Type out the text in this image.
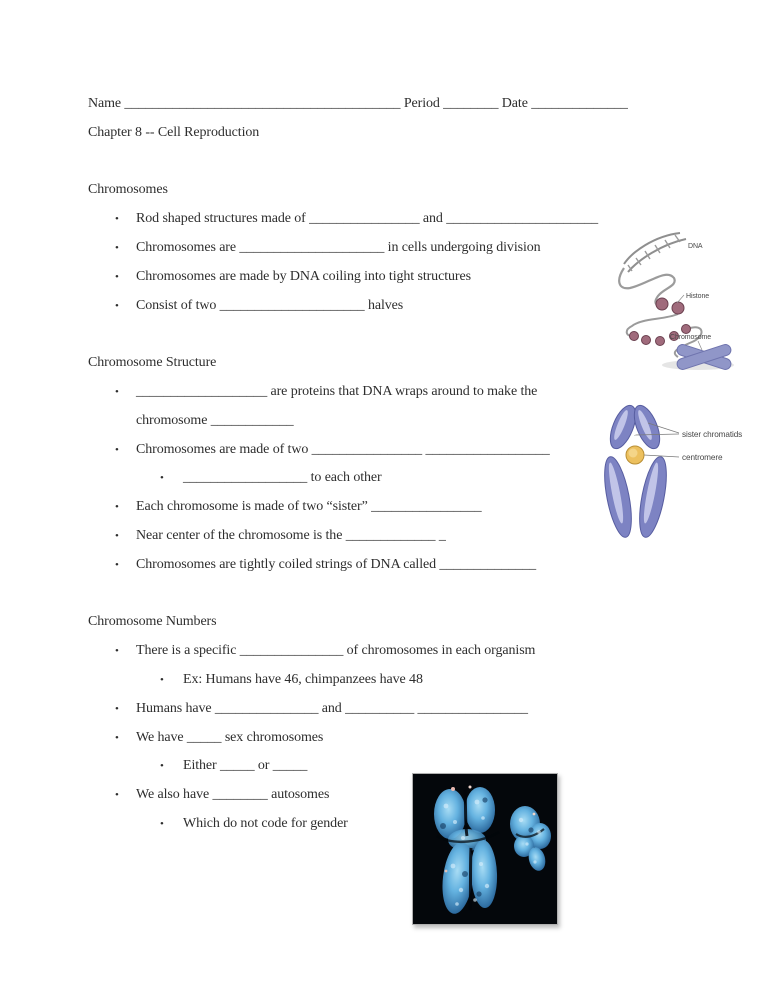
Name ________________________________________ Period ________ Date ______________
Chapter 8 -- Cell Reproduction
Chromosomes
• Rod shaped structures made of ________________ and ______________________
• Chromosomes are _____________________ in cells undergoing division
• Chromosomes are made by DNA coiling into tight structures
• Consist of two _____________________ halves
Chromosome Structure
• ___________________ are proteins that DNA wraps around to make the
chromosome ____________
• Chromosomes are made of two ________________ __________________
• __________________ to each other
• Each chromosome is made of two “sister” ________________
• Near center of the chromosome is the _____________ _
• Chromosomes are tightly coiled strings of DNA called ______________
Chromosome Numbers
• There is a specific _______________ of chromosomes in each organism
• Ex: Humans have 46, chimpanzees have 48
• Humans have _______________ and __________ ________________
• We have _____ sex chromosomes
• Either _____ or _____
• We also have ________ autosomes
• Which do not code for gender
DNA
Histone
Chromosome
sister chromatids
centromere
